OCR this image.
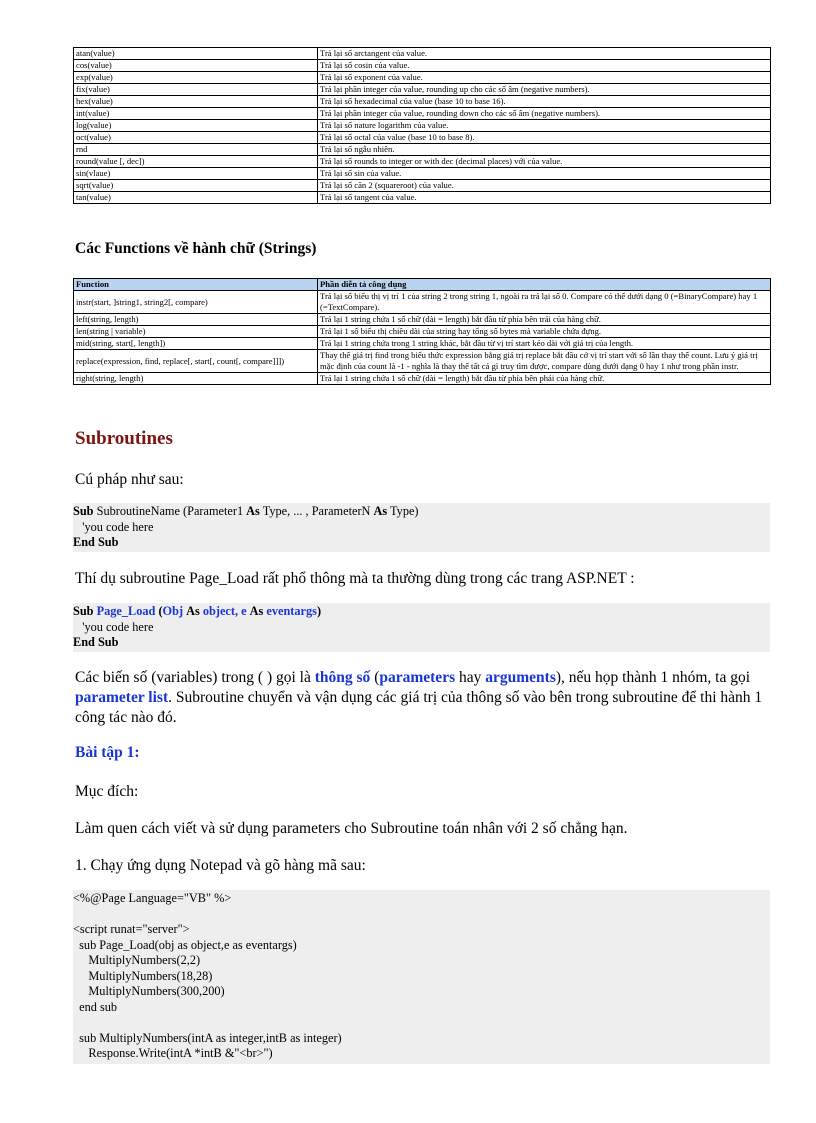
atan(value)	Trả lại số arctangent của value.
cos(value)	Trả lại số cosin của value.
exp(value)	Trả lại số exponent của value.
fix(value)	Trả lại phần integer của value, rounding up cho các số âm (negative numbers).
hex(value)	Trả lại số hexadecimal của value (base 10 to base 16).
int(value)	Trả lại phần integer của value, rounding down cho các số âm (negative numbers).
log(value)	Trả lại số nature logarithm của value.
oct(value)	Trả lại số octal của value (base 10 to base 8).
rnd	Trả lại số ngẫu nhiên.
round(value [, dec])	Trả lại số rounds to integer or with dec (decimal places) với của value.
sin(vlaue)	Trả lại số sin của value.
sqrt(value)	Trả lại số căn 2 (squareroot) của value.
tan(value)	Trả lại số tangent của value.
Các Functions về hành chữ (Strings)
Function	Phần diễn tả công dụng
instr(start, ]string1, string2[, compare)	Trả lại số biểu thị vị trí 1 của string 2 trong string 1, ngoài ra trả lại số 0. Compare có thể dưới dạng 0 (=BinaryCompare) hay 1 (=TextCompare).
left(string, length)	Trả lại 1 string chứa 1 số chữ (dài = length) bắt đầu từ phía bên trái của hàng chữ.
len(string | variable)	Trả lại 1 số biểu thị chiều dài của string hay tổng số bytes mà variable chứa đựng.
mid(string, start[, length])	Trả lại 1 string chứa trong 1 string khác, bắt đầu từ vị trí start kéo dài với giá trị của length.
replace(expression, find, replace[, start[, count[, compare]]])	Thay thế giá trị find trong biểu thức expression bằng giá trị replace bắt đầu cở vị trí start với số lần thay thế count. Lưu ý giá trị mặc định của count là -1 - nghĩa là thay thế tất cả gì truy tìm được, compare dùng dưới dạng 0 hay 1 như trong phần instr.
right(string, length)	Trả lại 1 string chứa 1 số chữ (dài = length) bắt đầu từ phía bên phải của hàng chữ.
Subroutines
Cú pháp như sau:
Sub SubroutineName (Parameter1 As Type, ... , ParameterN As Type)
'you code here
End Sub
Thí dụ subroutine Page_Load rất phổ thông mà ta thường dùng trong các trang ASP.NET :
Sub Page_Load (Obj As object, e As eventargs)
'you code here
End Sub
Các biến số (variables) trong ( ) gọi là thông số (parameters hay arguments), nếu họp thành 1 nhóm, ta gọi parameter list. Subroutine chuyển và vận dụng các giá trị của thông số vào bên trong subroutine để thi hành 1 công tác nào đó.
Bài tập 1:
Mục đích:
Làm quen cách viết và sử dụng parameters cho Subroutine toán nhân với 2 số chẳng hạn.
1. Chạy ứng dụng Notepad và gõ hàng mã sau:
<%@Page Language="VB" %>
<script runat="server">
sub Page_Load(obj as object,e as eventargs)
MultiplyNumbers(2,2)
MultiplyNumbers(18,28)
MultiplyNumbers(300,200)
end sub
sub MultiplyNumbers(intA as integer,intB as integer)
Response.Write(intA *intB &"<br>")
